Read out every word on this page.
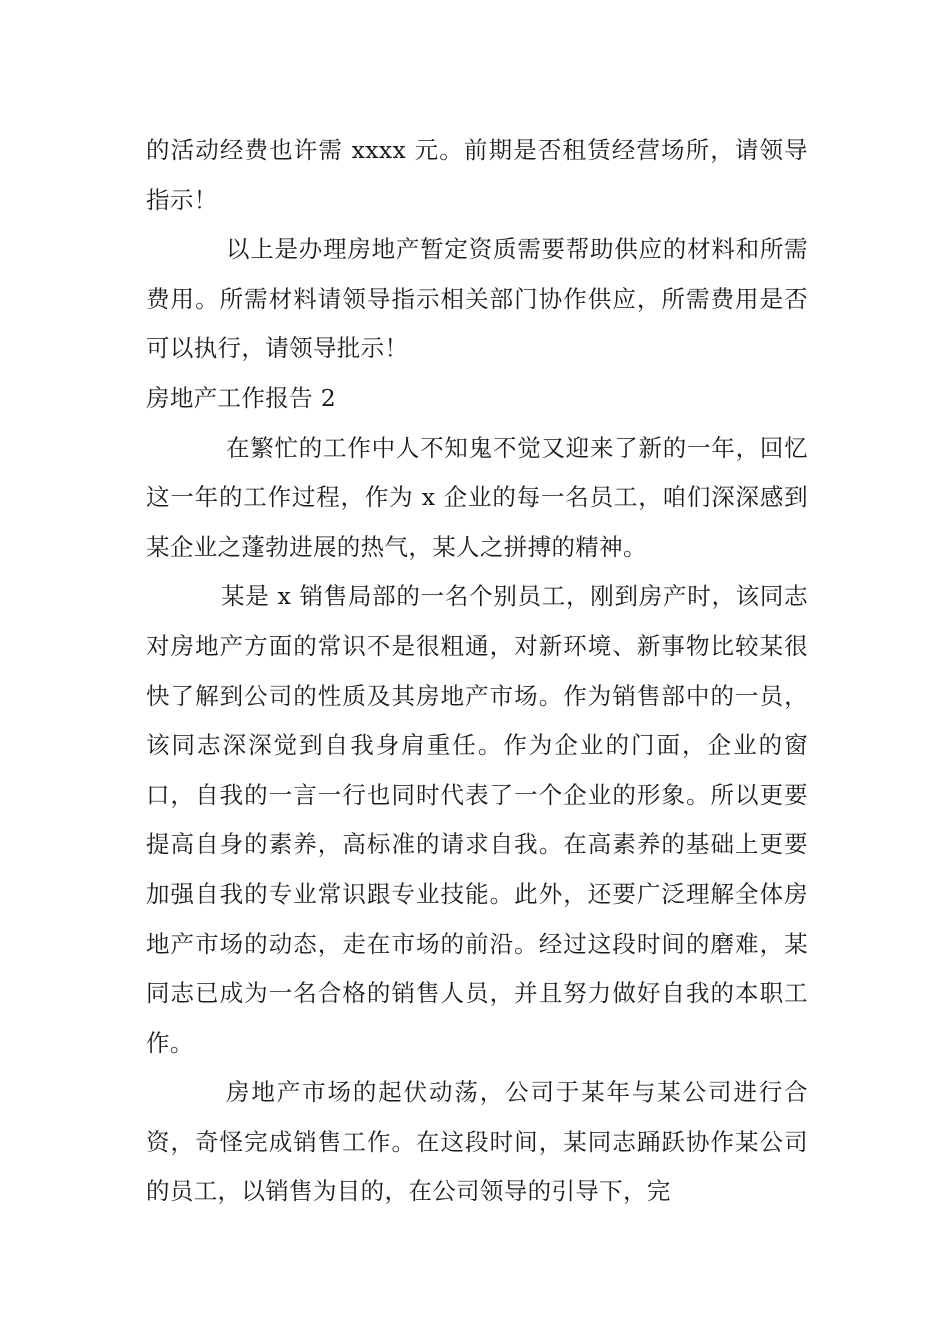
的活动经费也许需 xxxx 元。前期是否租赁经营场所，请领导指示！

以上是办理房地产暂定资质需要帮助供应的材料和所需费用。所需材料请领导指示相关部门协作供应，所需费用是否可以执行，请领导批示！

房地产工作报告 2

在繁忙的工作中人不知鬼不觉又迎来了新的一年，回忆这一年的工作过程，作为 x 企业的每一名员工，咱们深深感到某企业之蓬勃进展的热气，某人之拼搏的精神。

某是 x 销售局部的一名个别员工，刚到房产时，该同志对房地产方面的常识不是很粗通，对新环境、新事物比较某很快了解到公司的性质及其房地产市场。作为销售部中的一员，该同志深深觉到自我身肩重任。作为企业的门面，企业的窗口，自我的一言一行也同时代表了一个企业的形象。所以更要提高自身的素养，高标准的请求自我。在高素养的基础上更要加强自我的专业常识跟专业技能。此外，还要广泛理解全体房地产市场的动态，走在市场的前沿。经过这段时间的磨难，某同志已成为一名合格的销售人员，并且努力做好自我的本职工作。

房地产市场的起伏动荡，公司于某年与某公司进行合资，奇怪完成销售工作。在这段时间，某同志踊跃协作某公司的员工，以销售为目的，在公司领导的引导下，完
